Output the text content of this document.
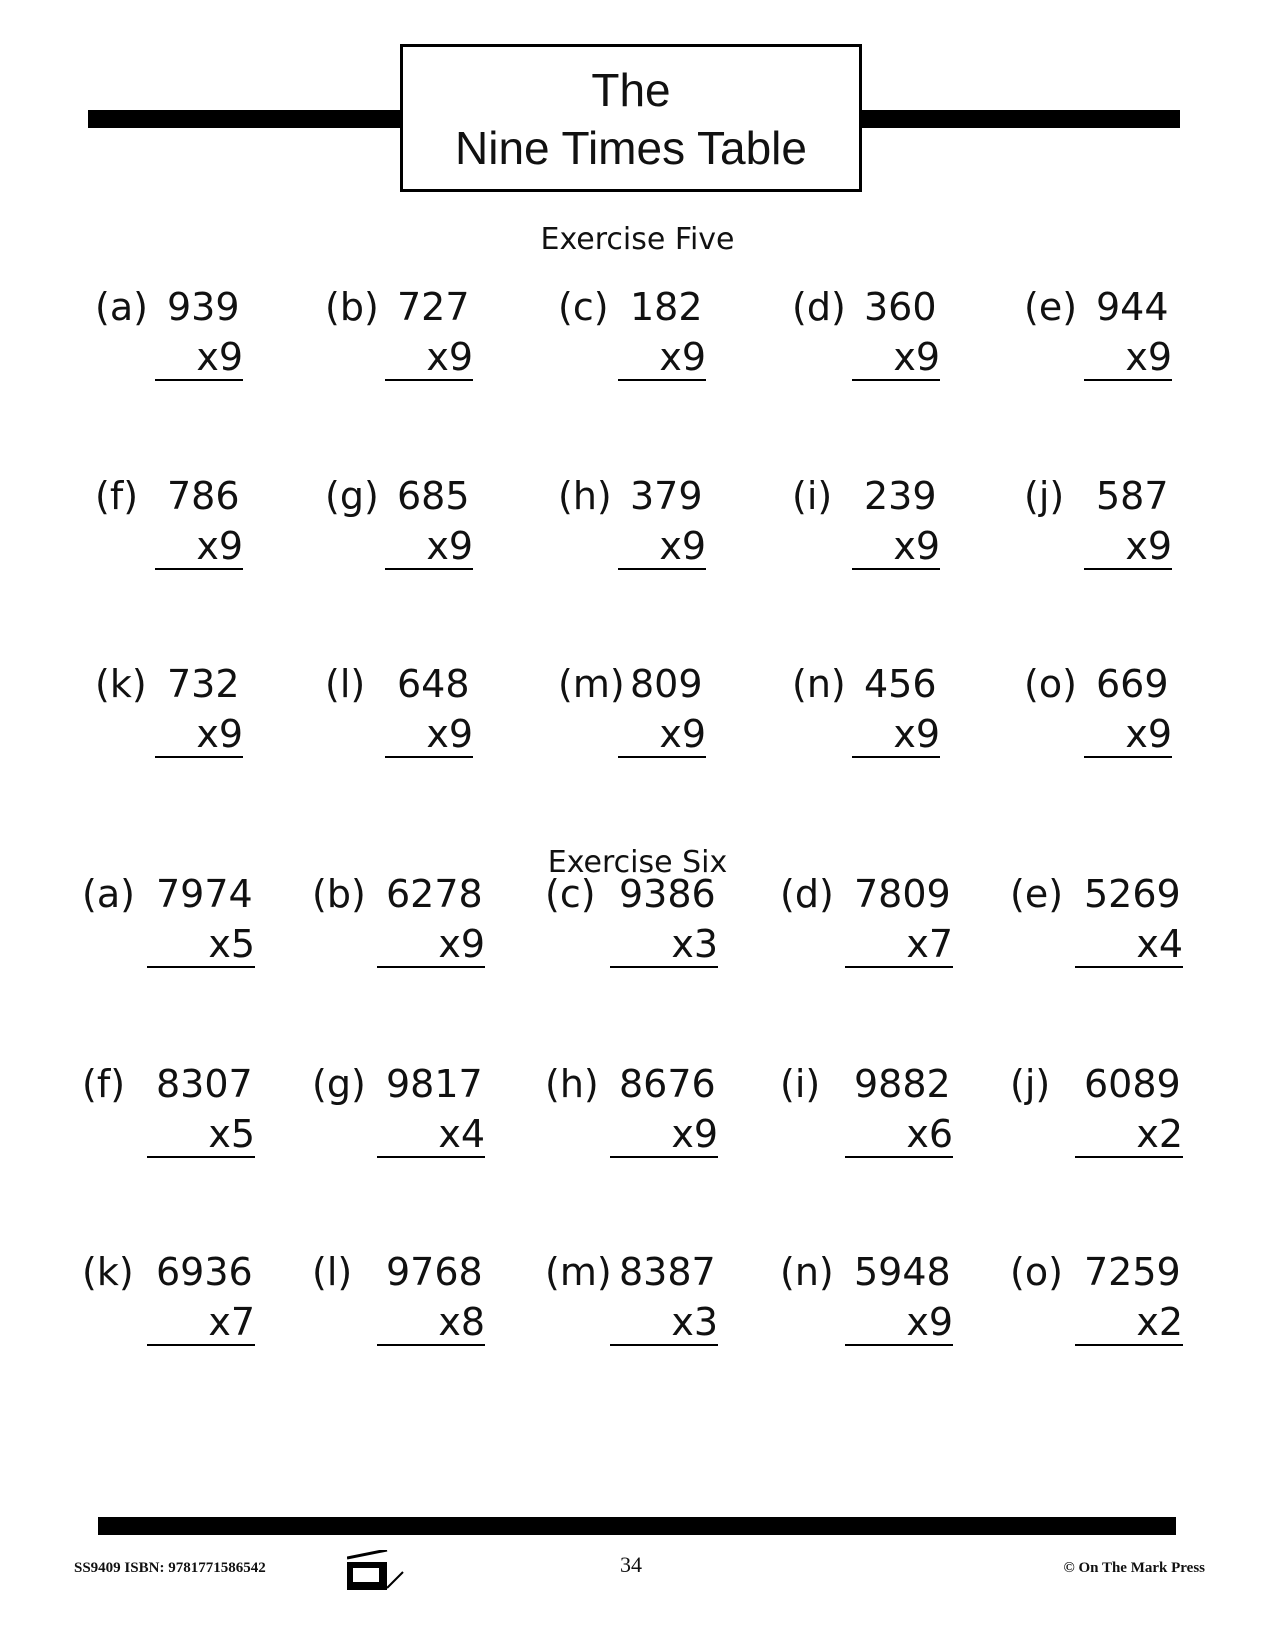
The
Nine Times Table
Exercise Five
(a) 939
x9
(b) 727
x9
(c) 182
x9
(d) 360
x9
(e) 944
x9
(f) 786
x9
(g) 685
x9
(h) 379
x9
(i) 239
x9
(j) 587
x9
(k) 732
x9
(l) 648
x9
(m) 809
x9
(n) 456
x9
(o) 669
x9
Exercise Six
(a) 7974
x5
(b) 6278
x9
(c) 9386
x3
(d) 7809
x7
(e) 5269
x4
(f) 8307
x5
(g) 9817
x4
(h) 8676
x9
(i) 9882
x6
(j) 6089
x2
(k) 6936
x7
(l) 9768
x8
(m) 8387
x3
(n) 5948
x9
(o) 7259
x2
SS9409 ISBN: 9781771586542	34	© On The Mark Press
